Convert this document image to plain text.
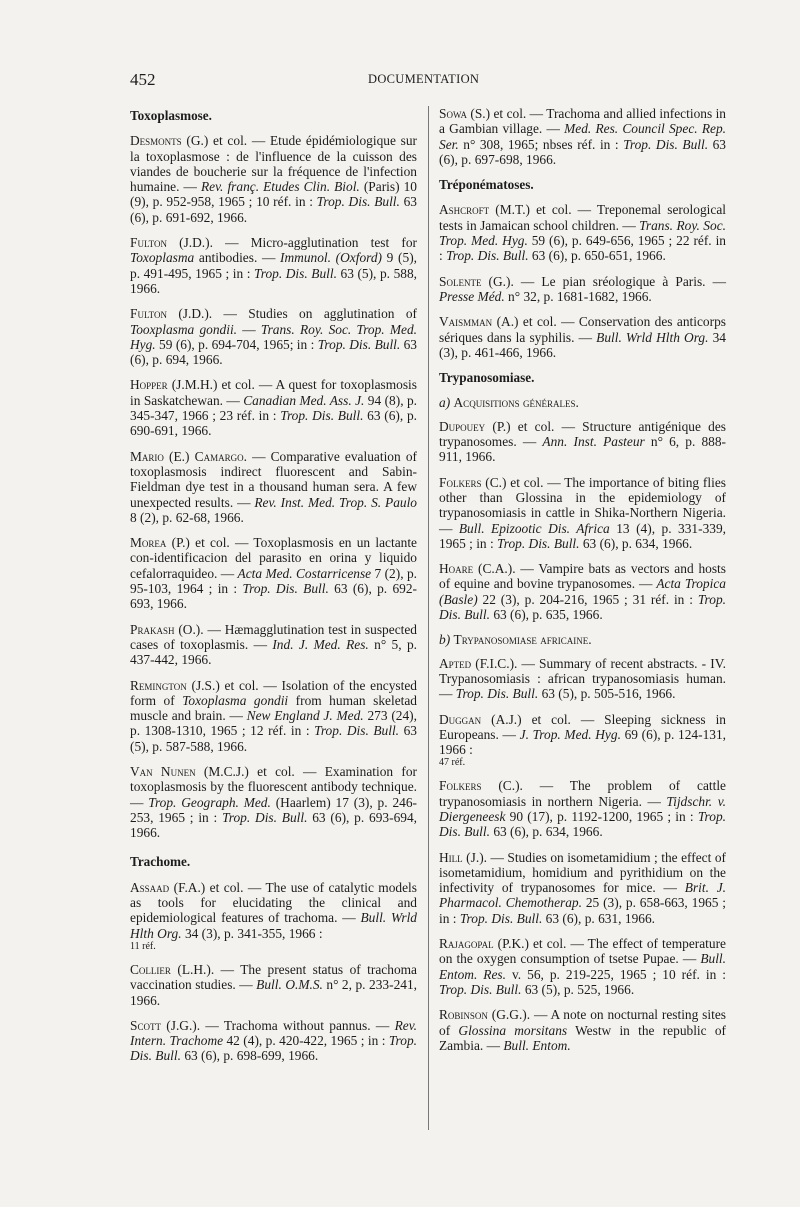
452	DOCUMENTATION
Toxoplasmose.

Desmonts (G.) et col. — Etude épidémiologique sur la toxoplasmose : de l'influence de la cuisson des viandes de boucherie sur la fréquence de l'infection humaine. — Rev. franç. Etudes Clin. Biol. (Paris) 10 (9), p. 952-958, 1965 ; 10 réf. in : Trop. Dis. Bull. 63 (6), p. 691-692, 1966.

Fulton (J.D.). — Micro-agglutination test for Toxoplasma antibodies. — Immunol. (Oxford) 9 (5), p. 491-495, 1965 ; in : Trop. Dis. Bull. 63 (5), p. 588, 1966.

Fulton (J.D.). — Studies on agglutination of Tooxplasma gondii. — Trans. Roy. Soc. Trop. Med. Hyg. 59 (6), p. 694-704, 1965; in : Trop. Dis. Bull. 63 (6), p. 694, 1966.

Hopper (J.M.H.) et col. — A quest for toxoplasmosis in Saskatchewan. — Canadian Med. Ass. J. 94 (8), p. 345-347, 1966 ; 23 réf. in : Trop. Dis. Bull. 63 (6), p. 690-691, 1966.

Mario (E.) Camargo. — Comparative evaluation of toxoplasmosis indirect fluorescent and Sabin-Fieldman dye test in a thousand human sera. A few unexpected results. — Rev. Inst. Med. Trop. S. Paulo 8 (2), p. 62-68, 1966.

Morea (P.) et col. — Toxoplasmosis en un lactante con-identificacion del parasito en orina y liquido cefalorraquideo. — Acta Med. Costarricense 7 (2), p. 95-103, 1964 ; in : Trop. Dis. Bull. 63 (6), p. 692-693, 1966.

Prakash (O.). — Hæmagglutination test in suspected cases of toxoplasmis. — Ind. J. Med. Res. n° 5, p. 437-442, 1966.

Remington (J.S.) et col. — Isolation of the encysted form of Toxoplasma gondii from human skeletad muscle and brain. — New England J. Med. 273 (24), p. 1308-1310, 1965 ; 12 réf. in : Trop. Dis. Bull. 63 (5), p. 587-588, 1966.

Van Nunen (M.C.J.) et col. — Examination for toxoplasmosis by the fluorescent antibody technique. — Trop. Geograph. Med. (Haarlem) 17 (3), p. 246-253, 1965 ; in : Trop. Dis. Bull. 63 (6), p. 693-694, 1966.

Trachome.

Assaad (F.A.) et col. — The use of catalytic models as tools for elucidating the clinical and epidemiological features of trachoma. — Bull. Wrld Hlth Org. 34 (3), p. 341-355, 1966 :
11 réf.

Collier (L.H.). — The present status of trachoma vaccination studies. — Bull. O.M.S. n° 2, p. 233-241, 1966.

Scott (J.G.). — Trachoma without pannus. — Rev. Intern. Trachome 42 (4), p. 420-422, 1965 ; in : Trop. Dis. Bull. 63 (6), p. 698-699, 1966.

Sowa (S.) et col. — Trachoma and allied infections in a Gambian village. — Med. Res. Council Spec. Rep. Ser. n° 308, 1965; nbses réf. in : Trop. Dis. Bull. 63 (6), p. 697-698, 1966.

Tréponématoses.

Ashcroft (M.T.) et col. — Treponemal serological tests in Jamaican school children. — Trans. Roy. Soc. Trop. Med. Hyg. 59 (6), p. 649-656, 1965 ; 22 réf. in : Trop. Dis. Bull. 63 (6), p. 650-651, 1966.

Solente (G.). — Le pian sréologique à Paris. — Presse Méd. n° 32, p. 1681-1682, 1966.

Vaismman (A.) et col. — Conservation des anticorps sériques dans la syphilis. — Bull. Wrld Hlth Org. 34 (3), p. 461-466, 1966.

Trypanosomiase.
a) Acquisitions générales.

Dupouey (P.) et col. — Structure antigénique des trypanosomes. — Ann. Inst. Pasteur n° 6, p. 888-911, 1966.

Folkers (C.) et col. — The importance of biting flies other than Glossina in the epidemiology of trypanosomiasis in cattle in Shika-Northern Nigeria. — Bull. Epizootic Dis. Africa 13 (4), p. 331-339, 1965 ; in : Trop. Dis. Bull. 63 (6), p. 634, 1966.

Hoare (C.A.). — Vampire bats as vectors and hosts of equine and bovine trypanosomes. — Acta Tropica (Basle) 22 (3), p. 204-216, 1965 ; 31 réf. in : Trop. Dis. Bull. 63 (6), p. 635, 1966.

b) Trypanosomiase africaine.

Apted (F.I.C.). — Summary of recent abstracts. - IV. Trypanosomiasis : african trypanosomiasis human. — Trop. Dis. Bull. 63 (5), p. 505-516, 1966.

Duggan (A.J.) et col. — Sleeping sickness in Europeans. — J. Trop. Med. Hyg. 69 (6), p. 124-131, 1966 :
47 réf.

Folkers (C.). — The problem of cattle trypanosomiasis in northern Nigeria. — Tijdschr. v. Diergeneesk 90 (17), p. 1192-1200, 1965 ; in : Trop. Dis. Bull. 63 (6), p. 634, 1966.

Hill (J.). — Studies on isometamidium ; the effect of isometamidium, homidium and pyrithidium on the infectivity of trypanosomes for mice. — Brit. J. Pharmacol. Chemotherap. 25 (3), p. 658-663, 1965 ; in : Trop. Dis. Bull. 63 (6), p. 631, 1966.

Rajagopal (P.K.) et col. — The effect of temperature on the oxygen consumption of tsetse Pupae. — Bull. Entom. Res. v. 56, p. 219-225, 1965 ; 10 réf. in : Trop. Dis. Bull. 63 (5), p. 525, 1966.

Robinson (G.G.). — A note on nocturnal resting sites of Glossina morsitans Westw in the republic of Zambia. — Bull. Entom.
